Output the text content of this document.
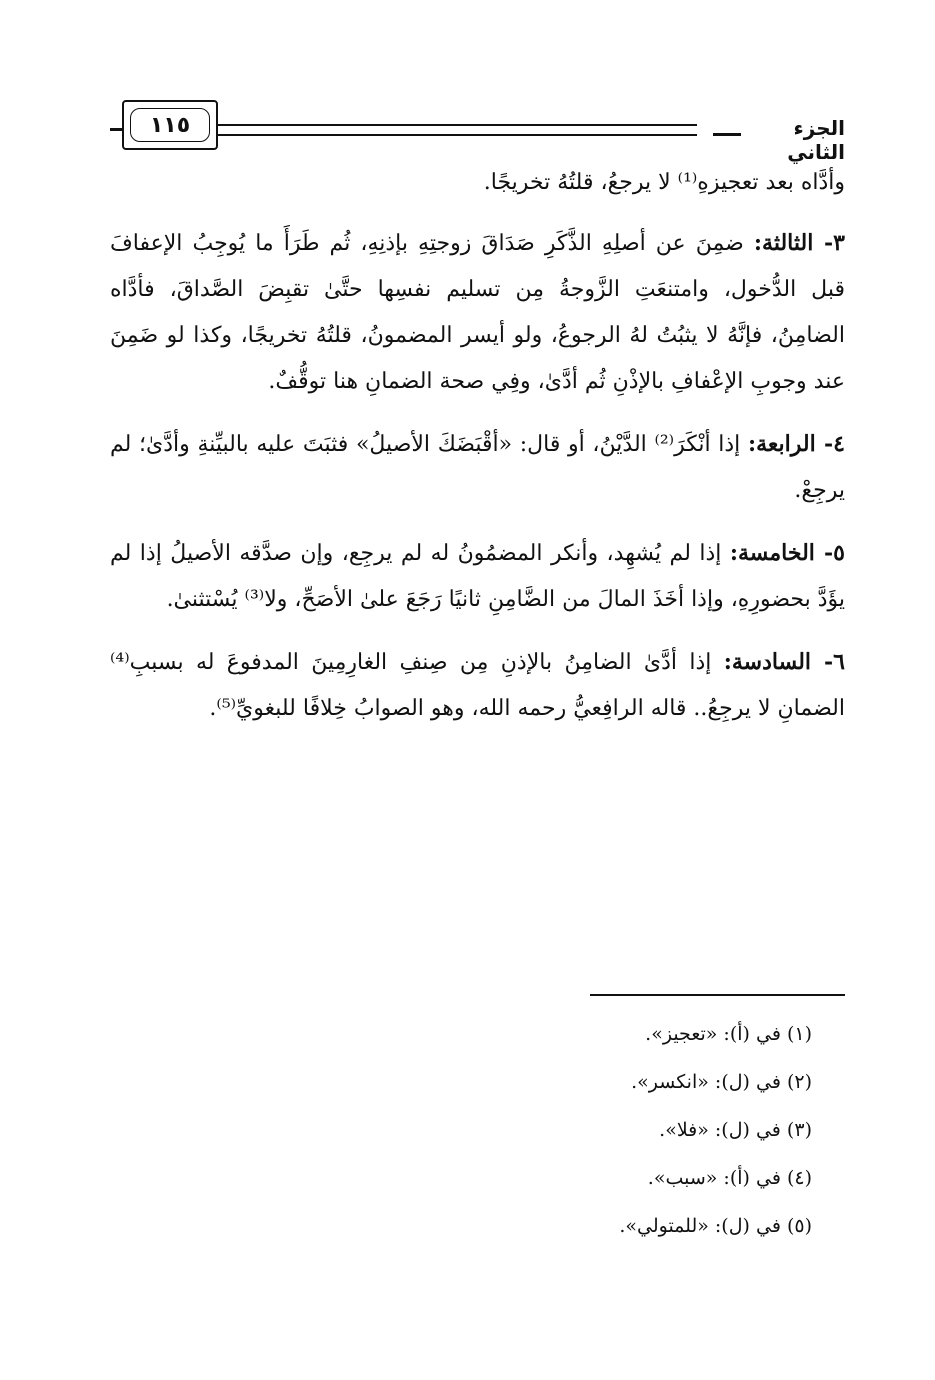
الجزء الثاني
١١٥

وأدَّاه بعد تعجيزهِ⁽¹⁾ لا يرجعُ، قلتُهُ تخريجًا.

٣- الثالثة: ضمِنَ عن أصلِهِ الذَّكَرِ صَدَاقَ زوجتِهِ بإذنِهِ، ثُم طَرَأَ ما يُوجِبُ الإعفافَ قبل الدُّخول، وامتنعَتِ الزَّوجةُ مِن تسليم نفسِها حتَّىٰ تقبِضَ الصَّداقَ، فأدَّاه الضامِنُ، فإنَّهُ لا يثبُتُ لهُ الرجوعُ، ولو أيسر المضمونُ، قلتُهُ تخريجًا، وكذا لو ضَمِنَ عند وجوبِ الإعْفافِ بالإذْنِ ثُم أدَّىٰ، وفِي صحة الضمانِ هنا توقُّفٌ.

٤- الرابعة: إذا أنْكَرَ⁽²⁾ الدَّيْنُ، أو قال: «أقْبَضَكَ الأصيلُ» فثبَتَ عليه بالبيِّنةِ وأدَّىٰ؛ لم يرجِعْ.

٥- الخامسة: إذا لم يُشهِد، وأنكر المضمُونُ له لم يرجِع، وإن صدَّقه الأصيلُ إذا لم يؤَدَّ بحضورِهِ، وإذا أخَذَ المالَ من الضَّامِنِ ثانيًا رَجَعَ علىٰ الأصَحِّ، ولا⁽³⁾ يُسْتثنىٰ.

٦- السادسة: إذا أدَّىٰ الضامِنُ بالإذنِ مِن صِنفِ الغارِمِينَ المدفوعَ له بسببِ⁽⁴⁾ الضمانِ لا يرجِعُ.. قاله الرافِعيُّ رحمه الله، وهو الصوابُ خِلافًا للبغويِّ⁽⁵⁾.

(١) في (أ): «تعجيز».
(٢) في (ل): «انكسر».
(٣) في (ل): «فلا».
(٤) في (أ): «سبب».
(٥) في (ل): «للمتولي».
